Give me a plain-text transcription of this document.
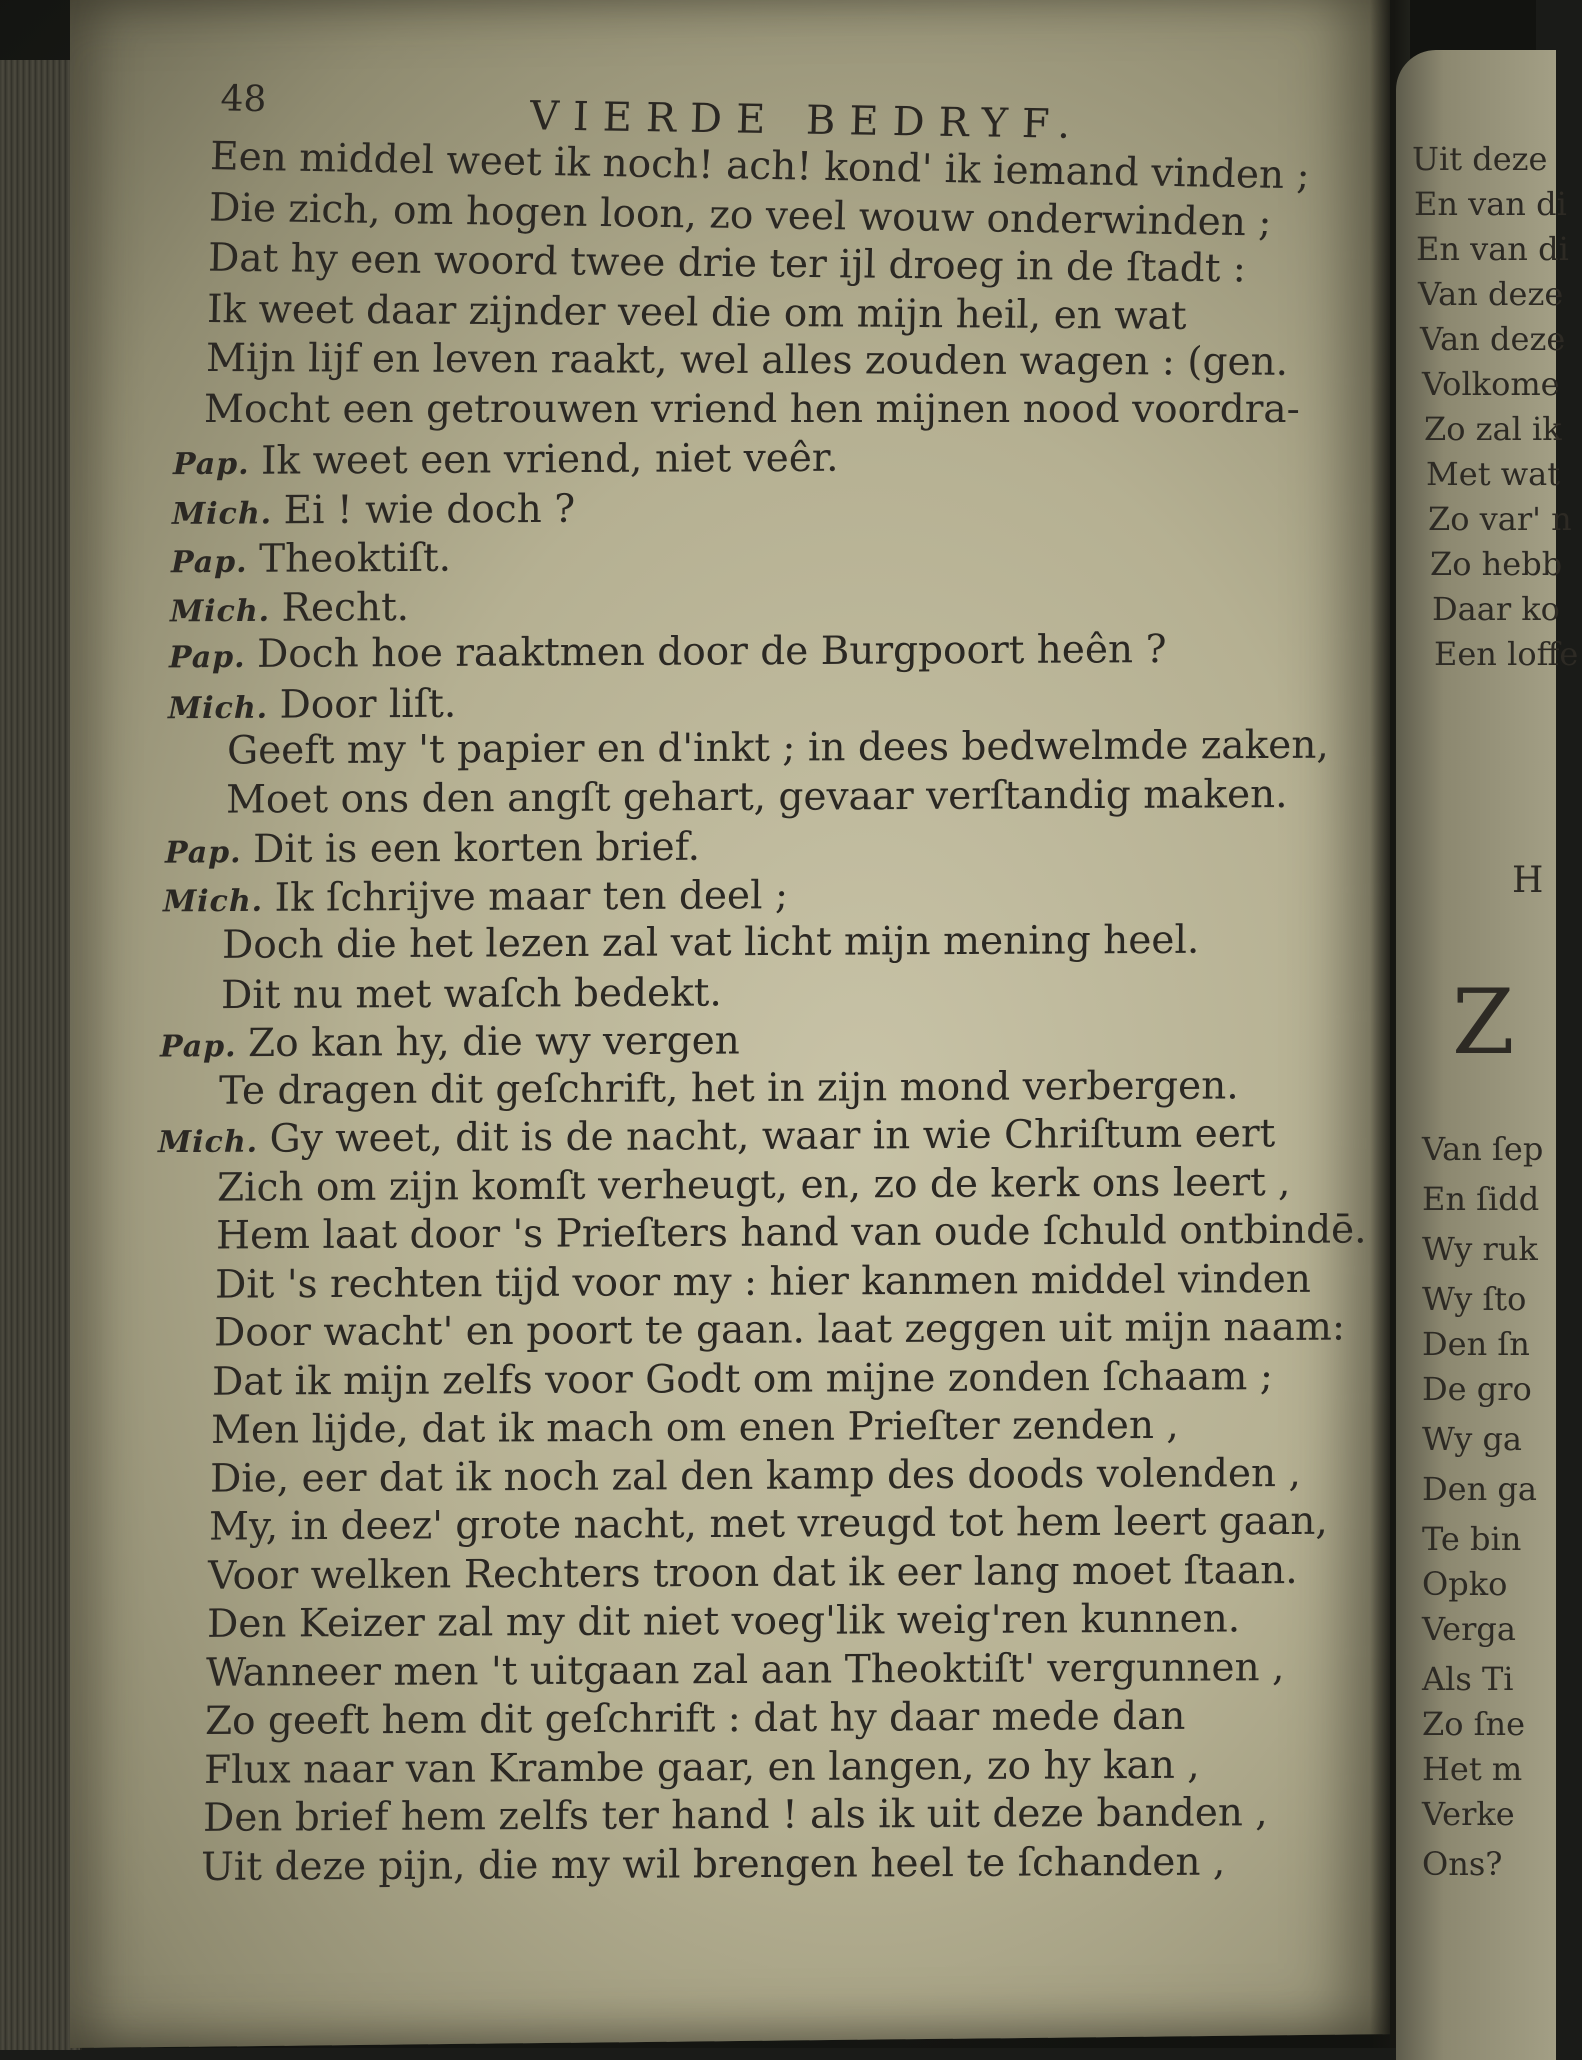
48	VIERDE BEDRYF.
Een middel weet ik noch! ach! kond' ik iemand vinden ;
Die zich, om hogen loon, zo veel wouw onderwinden ;
Dat hy een woord twee drie ter ijl droeg in de ſtadt :
Ik weet daar zijnder veel die om mijn heil, en wat
Mijn lijf en leven raakt, wel alles zouden wagen : (gen.
Mocht een getrouwen vriend hen mijnen nood voordra-
Pap. Ik weet een vriend, niet veêr.
Mich. Ei ! wie doch ?
Pap. Theoktiſt.
Mich. Recht.
Pap. Doch hoe raaktmen door de Burgpoort heên ?
Mich. Door liſt.
Geeft my 't papier en d'inkt ; in dees bedwelmde zaken,
Moet ons den angſt gehart, gevaar verſtandig maken.
Pap. Dit is een korten brief.
Mich. Ik ſchrijve maar ten deel ;
Doch die het lezen zal vat licht mijn mening heel.
Dit nu met waſch bedekt.
Pap. Zo kan hy, die wy vergen
Te dragen dit geſchrift, het in zijn mond verbergen.
Mich. Gy weet, dit is de nacht, waar in wie Chriſtum eert
Zich om zijn komſt verheugt, en, zo de kerk ons leert ,
Hem laat door 's Prieſters hand van oude ſchuld ontbindē.
Dit 's rechten tijd voor my : hier kanmen middel vinden
Door wacht' en poort te gaan. laat zeggen uit mijn naam:
Dat ik mijn zelfs voor Godt om mijne zonden ſchaam ;
Men lijde, dat ik mach om enen Prieſter zenden ,
Die, eer dat ik noch zal den kamp des doods volenden ,
My, in deez' grote nacht, met vreugd tot hem leert gaan,
Voor welken Rechters troon dat ik eer lang moet ſtaan.
Den Keizer zal my dit niet voeg'lik weig'ren kunnen.
Wanneer men 't uitgaan zal aan Theoktiſt' vergunnen ,
Zo geeft hem dit geſchrift : dat hy daar mede dan
Flux naar van Krambe gaar, en langen, zo hy kan ,
Den brief hem zelfs ter hand ! als ik uit deze banden ,
Uit deze pijn, die my wil brengen heel te ſchanden ,
Uit deze
En van di
En van di
Van deze
Van deze
Volkome
Zo zal ik
Met wat
Zo var' n
Zo hebb
Daar ko
Een loffe
H
Z
Van ſep
En ſidd
Wy ruk
Wy ſto
Den ſn
De gro
Wy ga
Den ga
Te bin
Opko
Verga
Als Ti
Zo ſne
Het m
Verke
Ons?
